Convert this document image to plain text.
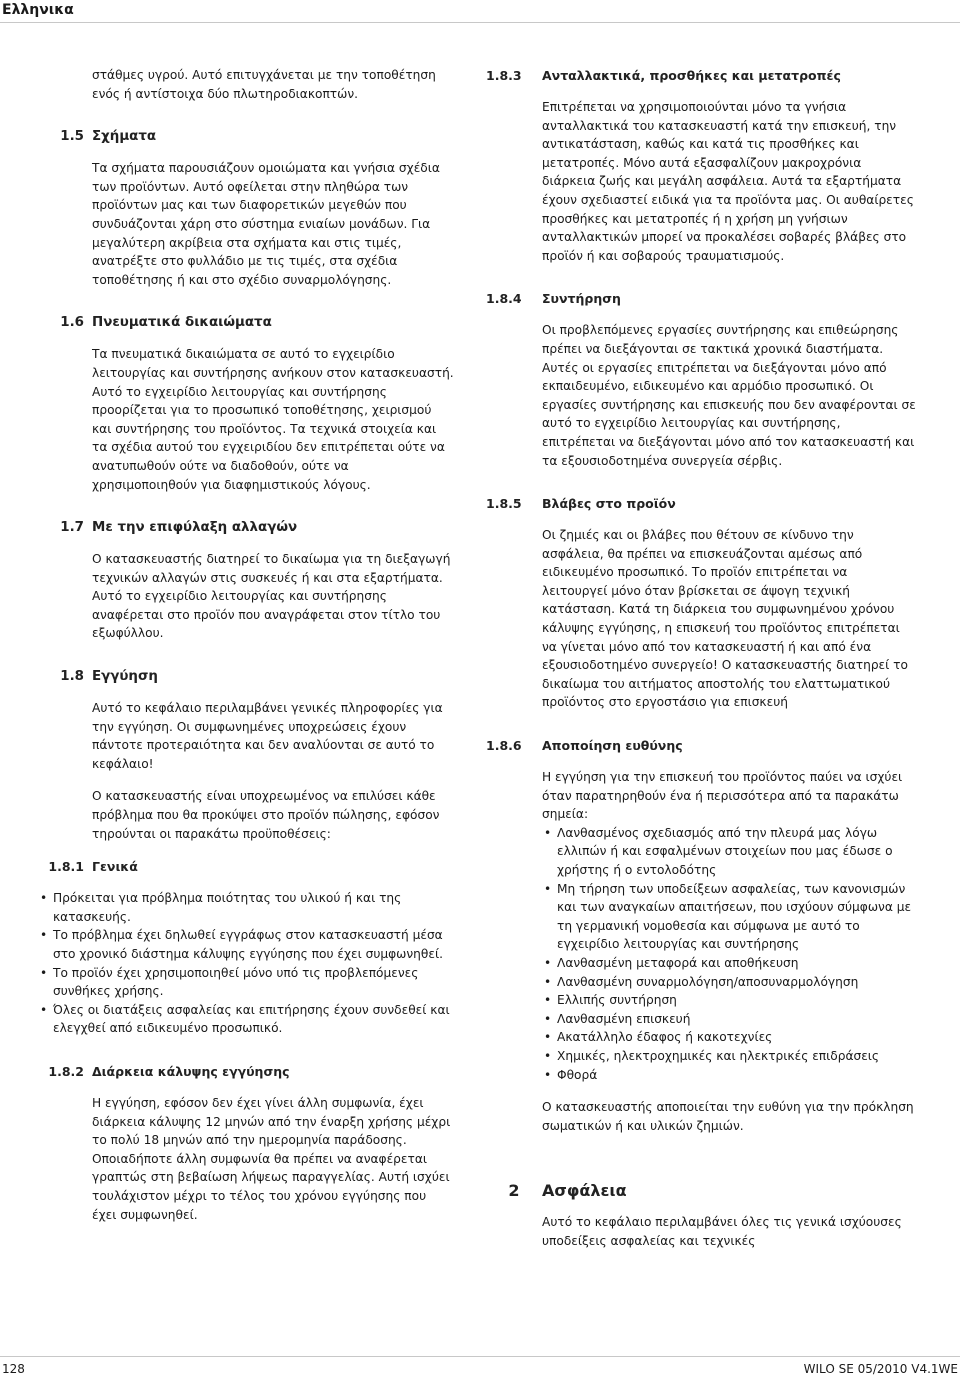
Ελληνικα

στάθμες υγρού. Αυτό επιτυγχάνεται με την τοποθέτηση ενός ή αντίστοιχα δύο πλωτηροδιακοπτών.

1.5 Σχήματα

Τα σχήματα παρουσιάζουν ομοιώματα και γνήσια σχέδια των προϊόντων. Αυτό οφείλεται στην πληθώρα των προϊόντων μας και των διαφορετικών μεγεθών που συνδυάζονται χάρη στο σύστημα ενιαίων μονάδων. Για μεγαλύτερη ακρίβεια στα σχήματα και στις τιμές, ανατρέξτε στο φυλλάδιο με τις τιμές, στα σχέδια τοποθέτησης ή και στο σχέδιο συναρμολόγησης.

1.6 Πνευματικά δικαιώματα

Τα πνευματικά δικαιώματα σε αυτό το εγχειρίδιο λειτουργίας και συντήρησης ανήκουν στον κατασκευαστή. Αυτό το εγχειρίδιο λειτουργίας και συντήρησης προορίζεται για το προσωπικό τοποθέτησης, χειρισμού και συντήρησης του προϊόντος. Τα τεχνικά στοιχεία και τα σχέδια αυτού του εγχειριδίου δεν επιτρέπεται ούτε να ανατυπωθούν ούτε να διαδοθούν, ούτε να χρησιμοποιηθούν για διαφημιστικούς λόγους.

1.7 Με την επιφύλαξη αλλαγών

Ο κατασκευαστής διατηρεί το δικαίωμα για τη διεξαγωγή τεχνικών αλλαγών στις συσκευές ή και στα εξαρτήματα. Αυτό το εγχειρίδιο λειτουργίας και συντήρησης αναφέρεται στο προϊόν που αναγράφεται στον τίτλο του εξωφύλλου.

1.8 Εγγύηση

Αυτό το κεφάλαιο περιλαμβάνει γενικές πληροφορίες για την εγγύηση. Οι συμφωνημένες υποχρεώσεις έχουν πάντοτε προτεραιότητα και δεν αναλύονται σε αυτό το κεφάλαιο!

Ο κατασκευαστής είναι υποχρεωμένος να επιλύσει κάθε πρόβλημα που θα προκύψει στο προϊόν πώλησης, εφόσον τηρούνται οι παρακάτω προϋποθέσεις:

1.8.1 Γενικά
• Πρόκειται για πρόβλημα ποιότητας του υλικού ή και της κατασκευής.
• Το πρόβλημα έχει δηλωθεί εγγράφως στον κατασκευαστή μέσα στο χρονικό διάστημα κάλυψης εγγύησης που έχει συμφωνηθεί.
• Το προϊόν έχει χρησιμοποιηθεί μόνο υπό τις προβλεπόμενες συνθήκες χρήσης.
• Όλες οι διατάξεις ασφαλείας και επιτήρησης έχουν συνδεθεί και ελεγχθεί από ειδικευμένο προσωπικό.
1.8.2 Διάρκεια κάλυψης εγγύησης

Η εγγύηση, εφόσον δεν έχει γίνει άλλη συμφωνία, έχει διάρκεια κάλυψης 12 μηνών από την έναρξη χρήσης μέχρι το πολύ 18 μηνών από την ημερομηνία παράδοσης. Οποιαδήποτε άλλη συμφωνία θα πρέπει να αναφέρεται γραπτώς στη βεβαίωση λήψεως παραγγελίας. Αυτή ισχύει τουλάχιστον μέχρι το τέλος του χρόνου εγγύησης που έχει συμφωνηθεί.

1.8.3	Ανταλλακτικά, προσθήκες και μετατροπές

Επιτρέπεται να χρησιμοποιούνται μόνο τα γνήσια ανταλλακτικά του κατασκευαστή κατά την επισκευή, την αντικατάσταση, καθώς και κατά τις προσθήκες και μετατροπές. Μόνο αυτά εξασφαλίζουν μακροχρόνια διάρκεια ζωής και μεγάλη ασφάλεια. Αυτά τα εξαρτήματα έχουν σχεδιαστεί ειδικά για τα προϊόντα μας. Οι αυθαίρετες προσθήκες και μετατροπές ή η χρήση μη γνήσιων ανταλλακτικών μπορεί να προκαλέσει σοβαρές βλάβες στο προϊόν ή και σοβαρούς τραυματισμούς.

1.8.4	Συντήρηση

Οι προβλεπόμενες εργασίες συντήρησης και επιθεώρησης πρέπει να διεξάγονται σε τακτικά χρονικά διαστήματα. Αυτές οι εργασίες επιτρέπεται να διεξάγονται μόνο από εκπαιδευμένο, ειδικευμένο και αρμόδιο προσωπικό. Οι εργασίες συντήρησης και επισκευής που δεν αναφέρονται σε αυτό το εγχειρίδιο λειτουργίας και συντήρησης, επιτρέπεται να διεξάγονται μόνο από τον κατασκευαστή και τα εξουσιοδοτημένα συνεργεία σέρβις.

1.8.5	Βλάβες στο προϊόν

Οι ζημιές και οι βλάβες που θέτουν σε κίνδυνο την ασφάλεια, θα πρέπει να επισκευάζονται αμέσως από ειδικευμένο προσωπικό. Το προϊόν επιτρέπεται να λειτουργεί μόνο όταν βρίσκεται σε άψογη τεχνική κατάσταση. Κατά τη διάρκεια του συμφωνημένου χρόνου κάλυψης εγγύησης, η επισκευή του προϊόντος επιτρέπεται να γίνεται μόνο από τον κατασκευαστή ή και από ένα εξουσιοδοτημένο συνεργείο! Ο κατασκευαστής διατηρεί το δικαίωμα του αιτήματος αποστολής του ελαττωματικού προϊόντος στο εργοστάσιο για επισκευή

1.8.6	Αποποίηση ευθύνης

Η εγγύηση για την επισκευή του προϊόντος παύει να ισχύει όταν παρατηρηθούν ένα ή περισσότερα από τα παρακάτω σημεία:

• Λανθασμένος σχεδιασμός από την πλευρά μας λόγω ελλιπών ή και εσφαλμένων στοιχείων που μας έδωσε ο χρήστης ή ο εντολοδότης
• Μη τήρηση των υποδείξεων ασφαλείας, των κανονισμών και των αναγκαίων απαιτήσεων, που ισχύουν σύμφωνα με τη γερμανική νομοθεσία και σύμφωνα με αυτό το εγχειρίδιο λειτουργίας και συντήρησης
• Λανθασμένη μεταφορά και αποθήκευση
• Λανθασμένη συναρμολόγηση/αποσυναρμολόγηση
• Ελλιπής συντήρηση
• Λανθασμένη επισκευή
• Ακατάλληλο έδαφος ή κακοτεχνίες
• Χημικές, ηλεκτροχημικές και ηλεκτρικές επιδράσεις
• Φθορά

Ο κατασκευαστής αποποιείται την ευθύνη για την πρόκληση σωματικών ή και υλικών ζημιών.

2	Ασφάλεια

Αυτό το κεφάλαιο περιλαμβάνει όλες τις γενικά ισχύουσες υποδείξεις ασφαλείας και τεχνικές

128	WILO SE 05/2010 V4.1WE
